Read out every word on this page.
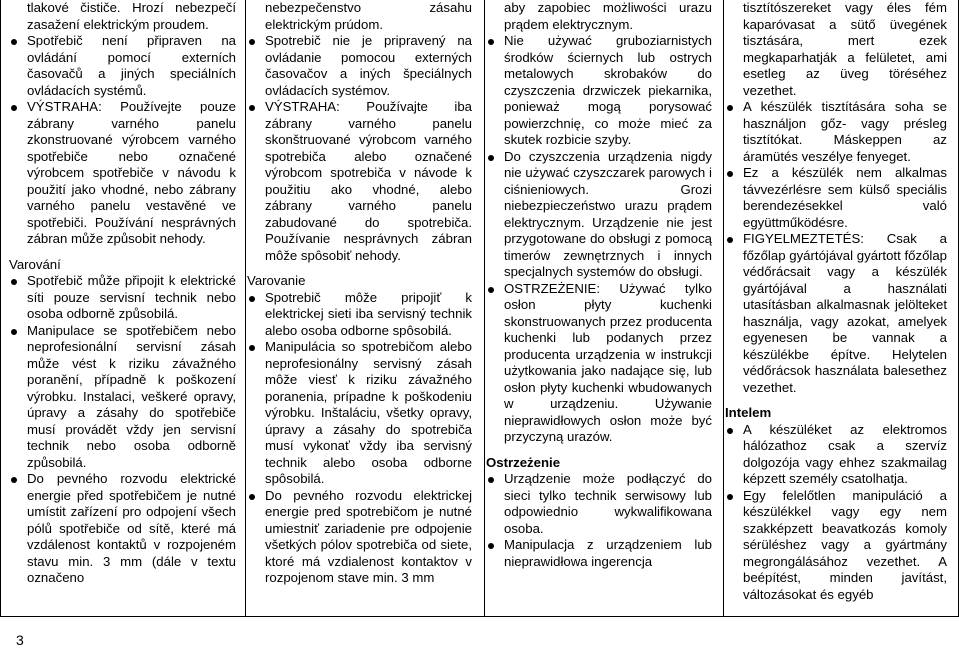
tlakové čističe. Hrozí nebezpečí zasažení elektrickým proudem.

Spotřebič není připraven na ovládání pomocí externích časovačů a jiných speciálních ovládacích systémů.
VÝSTRAHA: Používejte pouze zábrany varného panelu zkonstruované výrobcem varného spotřebiče nebo označené výrobcem spotřebiče v návodu k použití jako vhodné, nebo zábrany varného panelu vestavěné ve spotřebiči. Používání nesprávných zábran může způsobit nehody.

Varování

Spotřebič může připojit k elektrické síti pouze servisní technik nebo osoba odborně způsobilá.
Manipulace se spotřebičem nebo neprofesionální servisní zásah může vést k riziku závažného poranění, případně k poškození výrobku. Instalaci, veškeré opravy, úpravy a zásahy do spotřebiče musí provádět vždy jen servisní technik nebo osoba odborně způsobilá.
Do pevného rozvodu elektrické energie před spotřebičem je nutné umístit zařízení pro odpojení všech pólů spotřebiče od sítě, které má vzdálenost kontaktů v rozpojeném stavu min. 3 mm (dále v textu označeno

nebezpečenstvo zásahu elektrickým prúdom.

Spotrebič nie je pripravený na ovládanie pomocou externých časovačov a iných špeciálnych ovládacích systémov.
VÝSTRAHA: Používajte iba zábrany varného panelu skonštruované výrobcom varného spotrebiča alebo označené výrobcom spotrebiča v návode k použitiu ako vhodné, alebo zábrany varného panelu zabudované do spotrebiča. Používanie nesprávnych zábran môže spôsobiť nehody.

Varovanie

Spotrebič môže pripojiť k elektrickej sieti iba servisný technik alebo osoba odborne spôsobilá.
Manipulácia so spotrebičom alebo neprofesionálny servisný zásah môže viesť k riziku závažného poranenia, prípadne k poškodeniu výrobku. Inštaláciu, všetky opravy, úpravy a zásahy do spotrebiča musí vykonať vždy iba servisný technik alebo osoba odborne spôsobilá.
Do pevného rozvodu elektrickej energie pred spotrebičom je nutné umiestniť zariadenie pre odpojenie všetkých pólov spotrebiča od siete, ktoré má vzdialenost kontaktov v rozpojenom stave min. 3 mm

aby zapobiec możliwości urazu prądem elektrycznym.

Nie używać gruboziarnistych środków ściernych lub ostrych metalowych skrobaków do czyszczenia drzwiczek piekarnika, ponieważ mogą porysować powierzchnię, co może mieć za skutek rozbicie szyby.
Do czyszczenia urządzenia nigdy nie używać czyszczarek parowych i ciśnieniowych. Grozi niebezpieczeństwo urazu prądem elektrycznym. Urządzenie nie jest przygotowane do obsługi z pomocą timerów zewnętrznych i innych specjalnych systemów do obsługi.
OSTRZEŻENIE: Używać tylko osłon płyty kuchenki skonstruowanych przez producenta kuchenki lub podanych przez producenta urządzenia w instrukcji użytkowania jako nadające się, lub osłon płyty kuchenki wbudowanych w urządzeniu. Używanie nieprawidłowych osłon może być przyczyną urazów.

Ostrzeżenie

Urządzenie może podłączyć do sieci tylko technik serwisowy lub odpowiednio wykwalifikowana osoba.
Manipulacja z urządzeniem lub nieprawidłowa ingerencja

tisztítószereket vagy éles fém kaparóvasat a sütő üvegének tisztására, mert ezek megkaparhatják a felületet, ami esetleg az üveg töréséhez vezethet.

A készülék tisztítására soha se használjon gőz- vagy présleg tisztítókat. Máskeppen az áramütés veszélye fenyeget.
Ez a készülék nem alkalmas távvezérlésre sem külső speciális berendezésekkel való együttműködésre.
FIGYELMEZTETÉS: Csak a főzőlap gyártójával gyártott főzőlap védőrácsait vagy a készülék gyártójával a használati utasításban alkalmasnak jelölteket használja, vagy azokat, amelyek egyenesen be vannak a készülékbe építve. Helytelen védőrácsok használata balesethez vezethet.

Intelem

A készüléket az elektromos hálózathoz csak a szervíz dolgozója vagy ehhez szakmailag képzett személy csatolhatja.
Egy felelőtlen manipuláció a készülékkel vagy egy nem szakképzett beavatkozás komoly sérüléshez vagy a gyártmány megrongálásához vezethet. A beépítést, minden javítást, változásokat és egyéb
3
